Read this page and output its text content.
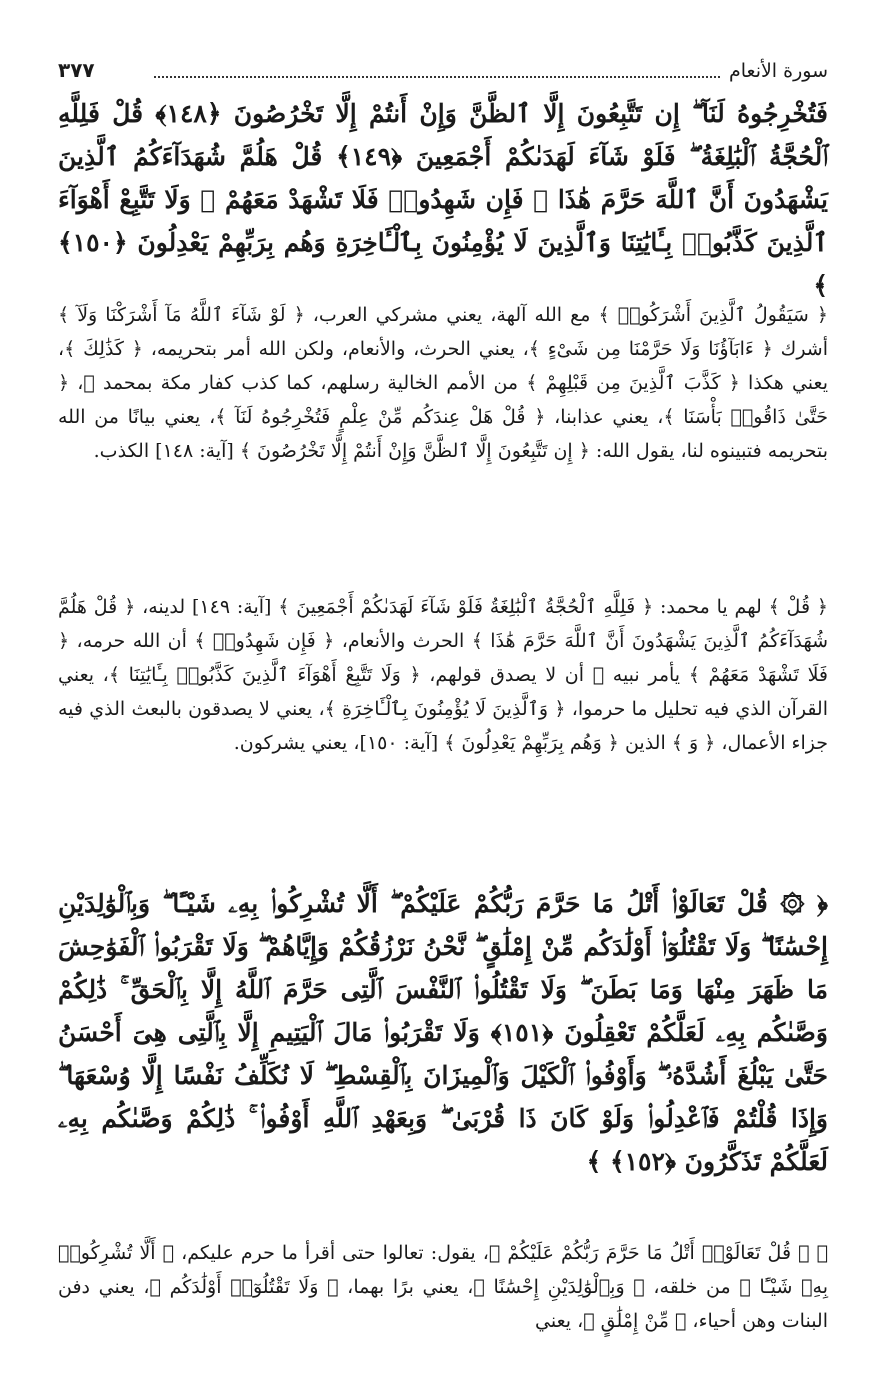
سورة الأنعام
٣٧٧

فَتُخْرِجُوهُ لَنَآ ۖ إِن تَتَّبِعُونَ إِلَّا ٱلظَّنَّ وَإِنْ أَنتُمْ إِلَّا تَخْرُصُونَ ﴿١٤٨﴾ قُلْ فَلِلَّهِ ٱلْحُجَّةُ ٱلْبَٰلِغَةُ ۖ فَلَوْ شَآءَ لَهَدَىٰكُمْ أَجْمَعِينَ ﴿١٤٩﴾ قُلْ هَلُمَّ شُهَدَآءَكُمُ ٱلَّذِينَ يَشْهَدُونَ أَنَّ ٱللَّهَ حَرَّمَ هَٰذَا ۖ فَإِن شَهِدُوا۟ فَلَا تَشْهَدْ مَعَهُمْ ۚ وَلَا تَتَّبِعْ أَهْوَآءَ ٱلَّذِينَ كَذَّبُوا۟ بِـَٔايَٰتِنَا وَٱلَّذِينَ لَا يُؤْمِنُونَ بِٱلْـَٔاخِرَةِ وَهُم بِرَبِّهِمْ يَعْدِلُونَ ﴿١٥٠﴾ ﴾

﴿ سَيَقُولُ ٱلَّذِينَ أَشْرَكُوا۟ ﴾ مع الله آلهة، يعني مشركي العرب، ﴿ لَوْ شَآءَ ٱللَّهُ مَآ أَشْرَكْنَا وَلَآ ﴾ أشرك ﴿ ءَابَآؤُنَا وَلَا حَرَّمْنَا مِن شَىْءٍ ﴾، يعني الحرث، والأنعام، ولكن الله أمر بتحريمه، ﴿ كَذَٰلِكَ ﴾، يعني هكذا ﴿ كَذَّبَ ٱلَّذِينَ مِن قَبْلِهِمْ ﴾ من الأمم الخالية رسلهم، كما كذب كفار مكة بمحمد ﷺ، ﴿ حَتَّىٰ ذَاقُوا۟ بَأْسَنَا ﴾، يعني عذابنا، ﴿ قُلْ هَلْ عِندَكُم مِّنْ عِلْمٍ فَتُخْرِجُوهُ لَنَآ ﴾، يعني بيانًا من الله بتحريمه فتبينوه لنا، يقول الله: ﴿ إِن تَتَّبِعُونَ إِلَّا ٱلظَّنَّ وَإِنْ أَنتُمْ إِلَّا تَخْرُصُونَ ﴾ [آية: ١٤٨] الكذب.

﴿ قُلْ ﴾ لهم يا محمد: ﴿ فَلِلَّهِ ٱلْحُجَّةُ ٱلْبَٰلِغَةُ فَلَوْ شَآءَ لَهَدَىٰكُمْ أَجْمَعِينَ ﴾ [آية: ١٤٩] لدينه، ﴿ قُلْ هَلُمَّ شُهَدَآءَكُمُ ٱلَّذِينَ يَشْهَدُونَ أَنَّ ٱللَّهَ حَرَّمَ هَٰذَا ﴾ الحرث والأنعام، ﴿ فَإِن شَهِدُوا۟ ﴾ أن الله حرمه، ﴿ فَلَا تَشْهَدْ مَعَهُمْ ﴾ يأمر نبيه ﷺ أن لا يصدق قولهم، ﴿ وَلَا تَتَّبِعْ أَهْوَآءَ ٱلَّذِينَ كَذَّبُوا۟ بِـَٔايَٰتِنَا ﴾، يعني القرآن الذي فيه تحليل ما حرموا، ﴿ وَٱلَّذِينَ لَا يُؤْمِنُونَ بِٱلْـَٔاخِرَةِ ﴾، يعني لا يصدقون بالبعث الذي فيه جزاء الأعمال، ﴿ وَ ﴾ الذين ﴿ وَهُم بِرَبِّهِمْ يَعْدِلُونَ ﴾ [آية: ١٥٠]، يعني يشركون.

﴿ ۞ قُلْ تَعَالَوْا۟ أَتْلُ مَا حَرَّمَ رَبُّكُمْ عَلَيْكُمْ ۖ أَلَّا تُشْرِكُوا۟ بِهِۦ شَيْـًٔا ۖ وَبِٱلْوَٰلِدَيْنِ إِحْسَٰنًا ۖ وَلَا تَقْتُلُوٓا۟ أَوْلَٰدَكُم مِّنْ إِمْلَٰقٍ ۖ نَّحْنُ نَرْزُقُكُمْ وَإِيَّاهُمْ ۖ وَلَا تَقْرَبُوا۟ ٱلْفَوَٰحِشَ مَا ظَهَرَ مِنْهَا وَمَا بَطَنَ ۖ وَلَا تَقْتُلُوا۟ ٱلنَّفْسَ ٱلَّتِى حَرَّمَ ٱللَّهُ إِلَّا بِٱلْحَقِّ ۚ ذَٰلِكُمْ وَصَّىٰكُم بِهِۦ لَعَلَّكُمْ تَعْقِلُونَ ﴿١٥١﴾ وَلَا تَقْرَبُوا۟ مَالَ ٱلْيَتِيمِ إِلَّا بِٱلَّتِى هِىَ أَحْسَنُ حَتَّىٰ يَبْلُغَ أَشُدَّهُۥ ۖ وَأَوْفُوا۟ ٱلْكَيْلَ وَٱلْمِيزَانَ بِٱلْقِسْطِ ۖ لَا نُكَلِّفُ نَفْسًا إِلَّا وُسْعَهَا ۖ وَإِذَا قُلْتُمْ فَٱعْدِلُوا۟ وَلَوْ كَانَ ذَا قُرْبَىٰ ۖ وَبِعَهْدِ ٱللَّهِ أَوْفُوا۟ ۚ ذَٰلِكُمْ وَصَّىٰكُم بِهِۦ لَعَلَّكُمْ تَذَكَّرُونَ ﴿١٥٢﴾ ﴾

﴿ ۞ قُلْ تَعَالَوْا۟ أَتْلُ مَا حَرَّمَ رَبُّكُمْ عَلَيْكُمْ ﴾، يقول: تعالوا حتى أقرأ ما حرم عليكم، ﴿ أَلَّا تُشْرِكُوا۟ بِهِۦ شَيْـًٔا ﴾ من خلقه، ﴿ وَبِٱلْوَٰلِدَيْنِ إِحْسَٰنًا ﴾، يعني برًا بهما، ﴿ وَلَا تَقْتُلُوٓا۟ أَوْلَٰدَكُم ﴾، يعني دفن البنات وهن أحياء، ﴿ مِّنْ إِمْلَٰقٍ ﴾، يعني
